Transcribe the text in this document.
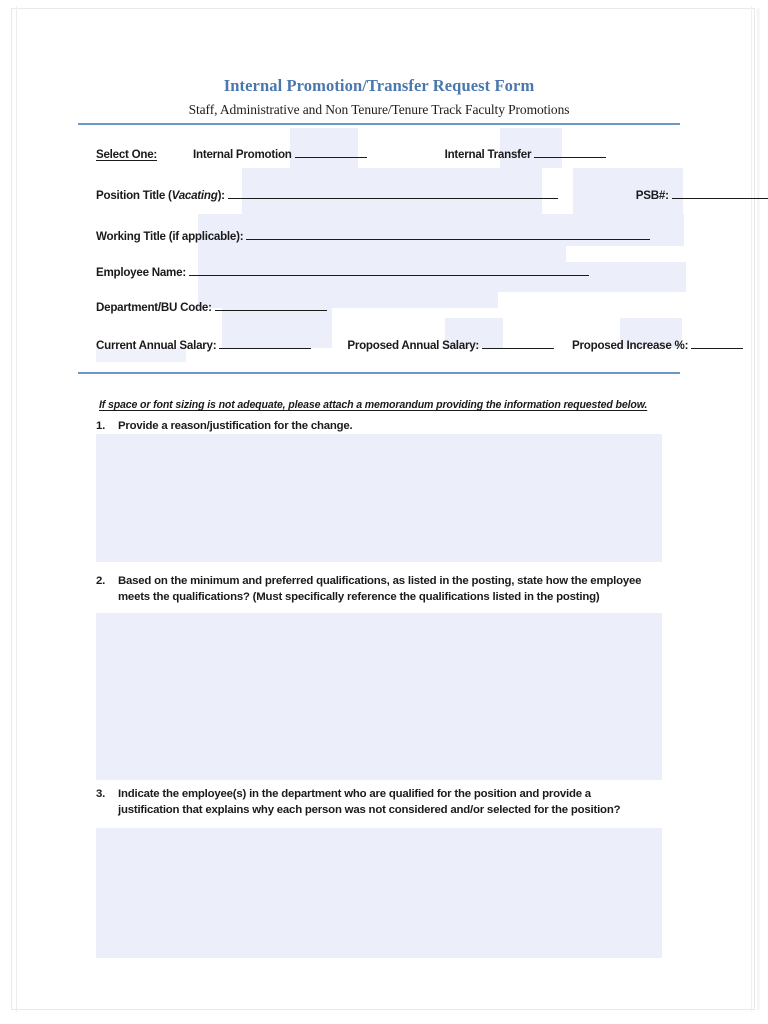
Internal Promotion/Transfer Request Form
Staff, Administrative and Non Tenure/Tenure Track Faculty Promotions
Select One:	Internal Promotion	Internal Transfer
Position Title (Vacating):	PSB#:
Working Title (if applicable):
Employee Name:
Department/BU Code:
Current Annual Salary:	Proposed Annual Salary:	Proposed Increase %:
If space or font sizing is not adequate, please attach a memorandum providing the information requested below.
1.	Provide a reason/justification for the change.
2.	Based on the minimum and preferred qualifications, as listed in the posting, state how the employee
meets the qualifications? (Must specifically reference the qualifications listed in the posting)
3.	Indicate the employee(s) in the department who are qualified for the position and provide a
justification that explains why each person was not considered and/or selected for the position?
